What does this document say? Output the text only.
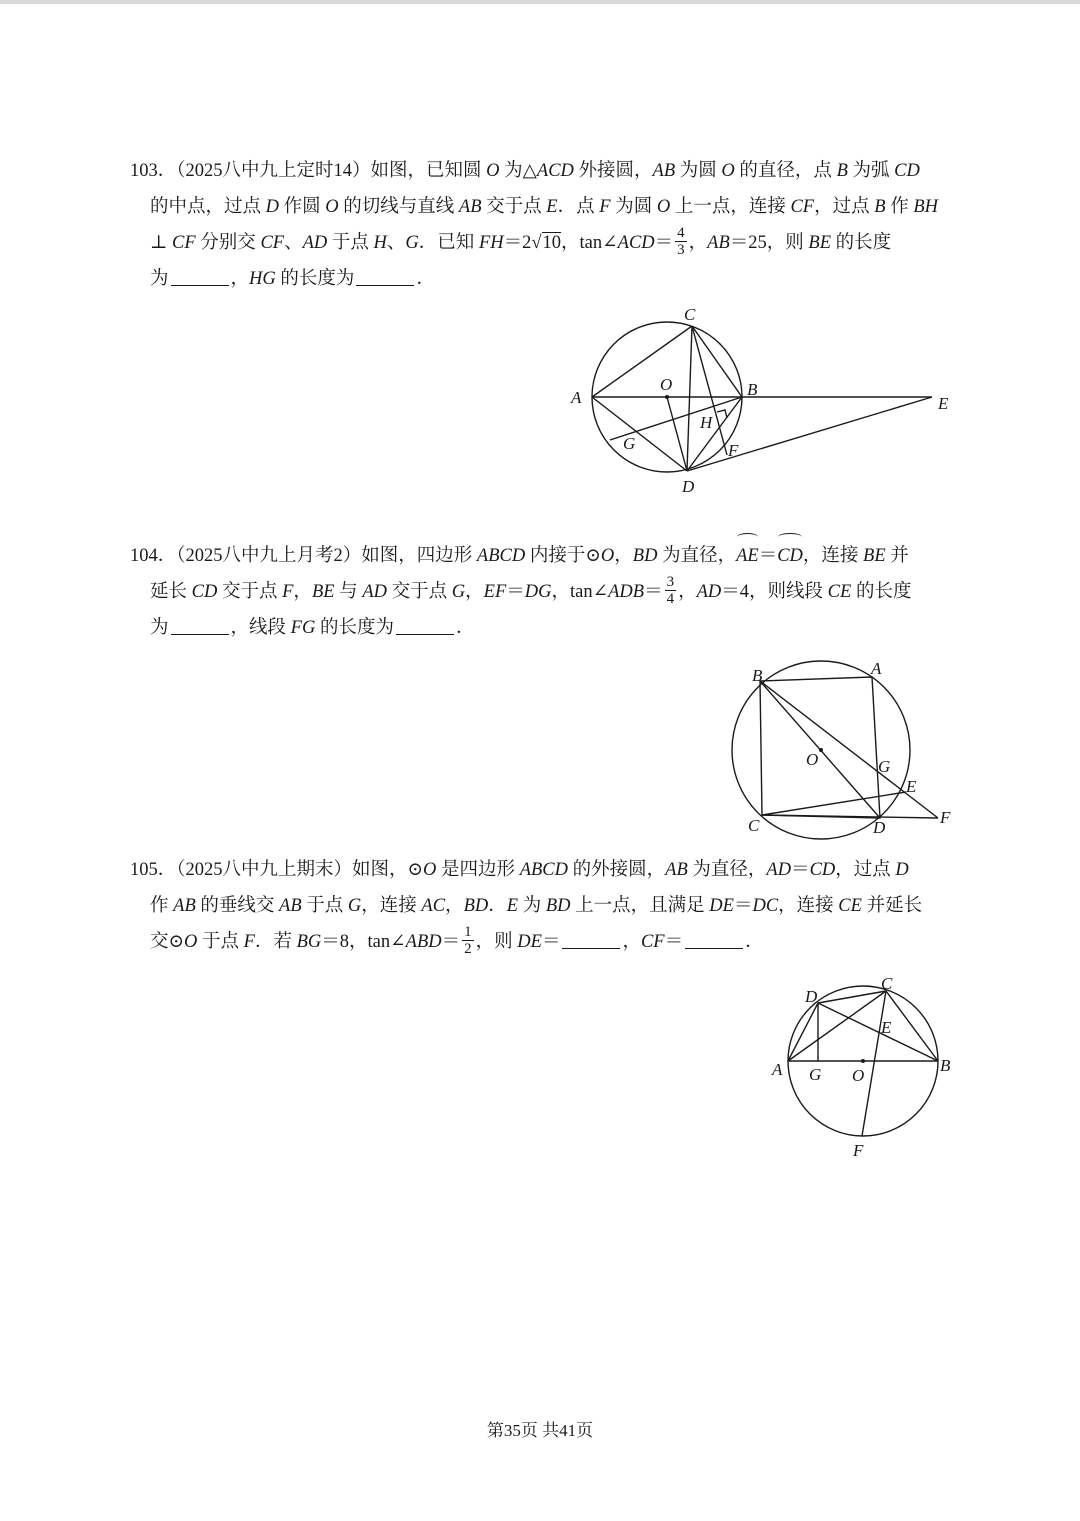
103．（2025八中九上定时14）如图，已知圆 O 为△ACD 外接圆，AB 为圆 O 的直径，点 B 为弧 CD
的中点，过点 D 作圆 O 的切线与直线 AB 交于点 E．点 F 为圆 O 上一点，连接 CF，过点 B 作 BH
⊥ CF 分别交 CF、AD 于点 H、G．已知 FH＝2√10，tan∠ACD＝ $\frac{4}{3}$ ，AB＝25，则 BE 的长度
为	，HG 的长度为	．
C
A
O	B
E
H
G	F
D
104．（2025八中九上月考2）如图，四边形 ABCD 内接于⊙O，BD 为直径，AE＝CD，连接 BE 并
延长 CD 交于点 F，BE 与 AD 交于点 G，EF＝DG，tan∠ADB＝ $\frac{3}{4}$ ，AD＝4，则线段 CE 的长度
为	，线段 FG 的长度为	．
B	A
O	G
E
F
C	D
105．（2025八中九上期末）如图，⊙O 是四边形 ABCD 的外接圆，AB 为直径，AD＝CD，过点 D
作 AB 的垂线交 AB 于点 G，连接 AC，BD．E 为 BD 上一点，且满足 DE＝DC，连接 CE 并延长
交⊙O 于点 F．若 BG＝8，tan∠ABD＝ $\frac{1}{2}$ ，则 DE＝	，CF＝	．
D
C
E
A G O
B
F
第35页 共41页
